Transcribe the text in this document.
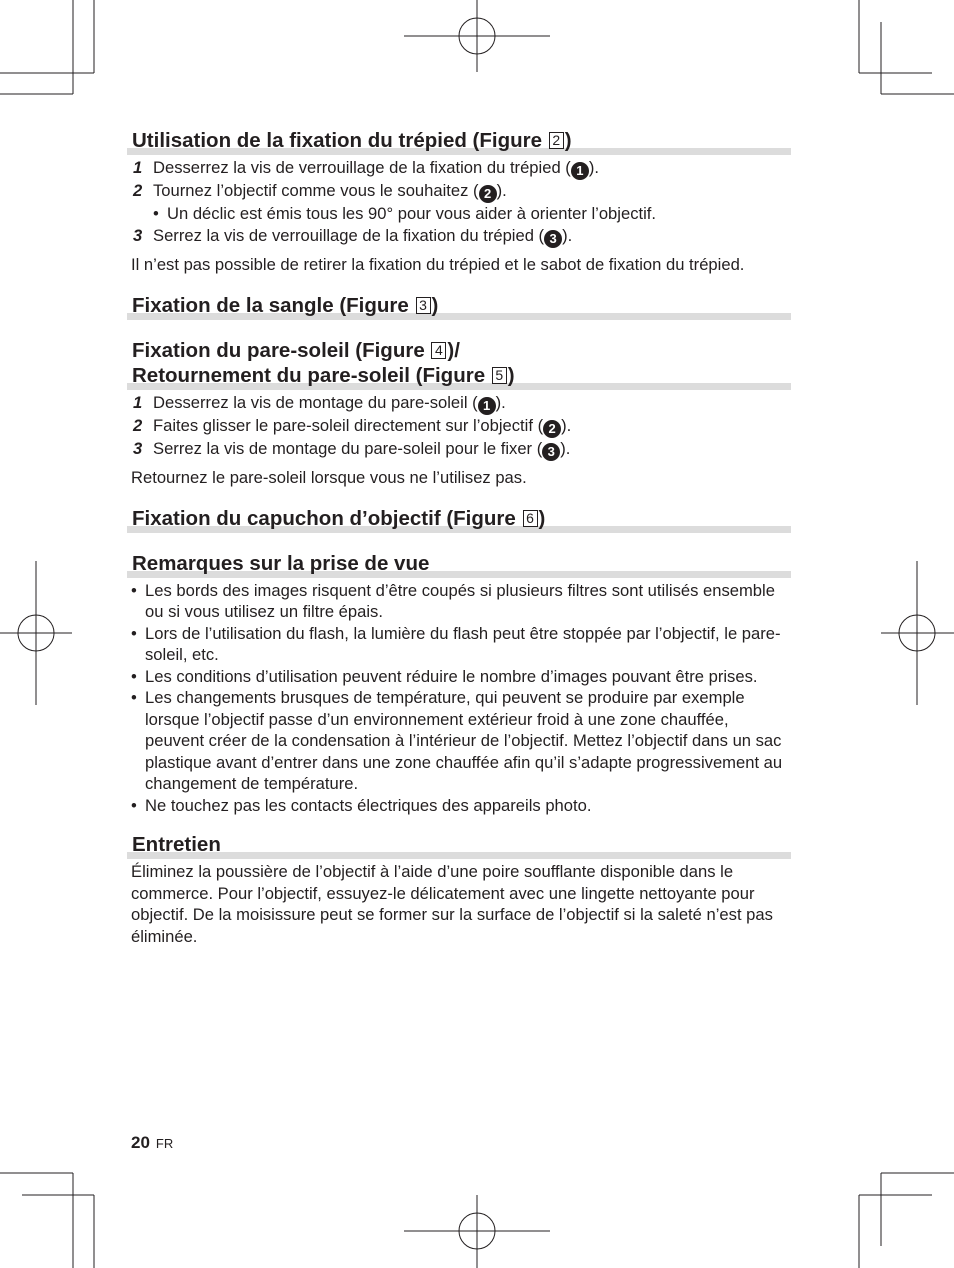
Utilisation de la fixation du trépied (Figure 2 )
1 Desserrez la vis de verrouillage de la fixation du trépied ( 1 ).
2 Tournez l’objectif comme vous le souhaitez ( 2 ).
• Un déclic est émis tous les 90° pour vous aider à orienter l’objectif.
3 Serrez la vis de verrouillage de la fixation du trépied ( 3 ).

Il n’est pas possible de retirer la fixation du trépied et le sabot de fixation du trépied.

Fixation de la sangle (Figure 3 )
Fixation du pare-soleil (Figure 4 )/
Retournement du pare-soleil (Figure 5 )
1 Desserrez la vis de montage du pare-soleil ( 1 ).
2 Faites glisser le pare-soleil directement sur l’objectif ( 2 ).
3 Serrez la vis de montage du pare-soleil pour le fixer ( 3 ).

Retournez le pare-soleil lorsque vous ne l’utilisez pas.

Fixation du capuchon d’objectif (Figure 6 )
Remarques sur la prise de vue
• Les bords des images risquent d’être coupés si plusieurs filtres sont utilisés ensemble ou si vous utilisez un filtre épais.
• Lors de l’utilisation du flash, la lumière du flash peut être stoppée par l’objectif, le pare-soleil, etc.
• Les conditions d’utilisation peuvent réduire le nombre d’images pouvant être prises.
• Les changements brusques de température, qui peuvent se produire par exemple lorsque l’objectif passe d’un environnement extérieur froid à une zone chauffée, peuvent créer de la condensation à l’intérieur de l’objectif. Mettez l’objectif dans un sac plastique avant d’entrer dans une zone chauffée afin qu’il s’adapte progressivement au changement de température.
• Ne touchez pas les contacts électriques des appareils photo.
Entretien

Éliminez la poussière de l’objectif à l’aide d’une poire soufflante disponible dans le commerce. Pour l’objectif, essuyez-le délicatement avec une lingette nettoyante pour objectif. De la moisissure peut se former sur la surface de l’objectif si la saleté n’est pas éliminée.

20 FR
